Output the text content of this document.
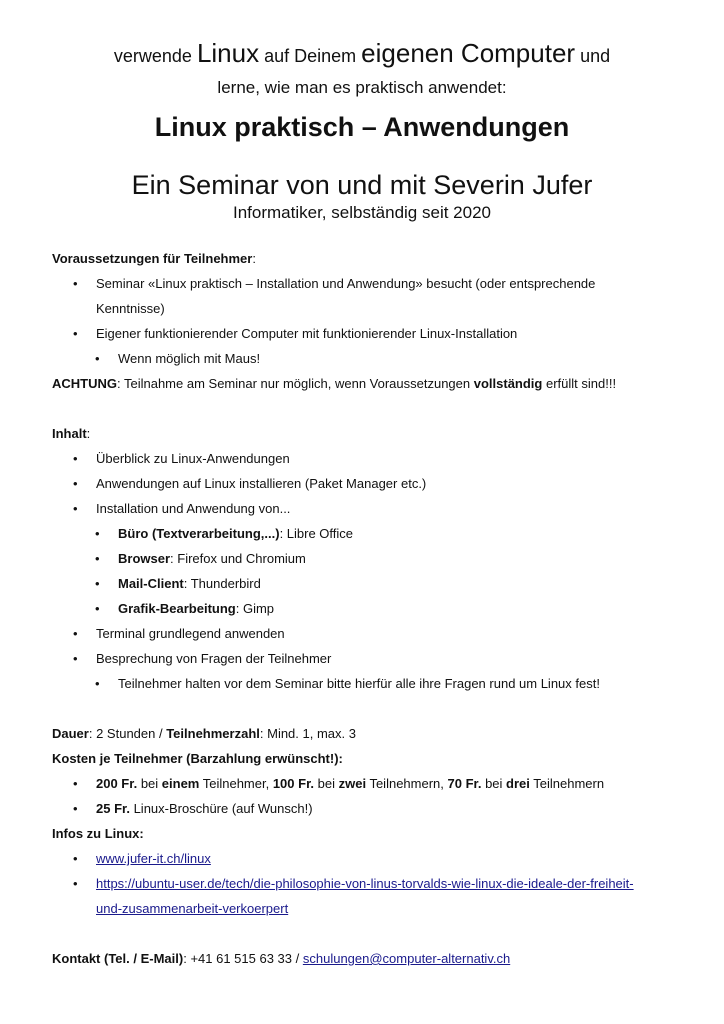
verwende Linux auf Deinem eigenen Computer und

lerne, wie man es praktisch anwendet:

Linux praktisch – Anwendungen

Ein Seminar von und mit Severin Jufer

Informatiker, selbständig seit 2020

Voraussetzungen für Teilnehmer:

• Seminar «Linux praktisch – Installation und Anwendung» besucht (oder entsprechende
Kenntnisse)
• Eigener funktionierender Computer mit funktionierender Linux-Installation
• Wenn möglich mit Maus!

ACHTUNG: Teilnahme am Seminar nur möglich, wenn Voraussetzungen vollständig erfüllt sind!!!

Inhalt:

• Überblick zu Linux-Anwendungen
• Anwendungen auf Linux installieren (Paket Manager etc.)
• Installation und Anwendung von...
• Büro (Textverarbeitung,...): Libre Office
• Browser: Firefox und Chromium
• Mail-Client: Thunderbird
• Grafik-Bearbeitung: Gimp
• Terminal grundlegend anwenden
• Besprechung von Fragen der Teilnehmer
• Teilnehmer halten vor dem Seminar bitte hierfür alle ihre Fragen rund um Linux fest!

Dauer: 2 Stunden / Teilnehmerzahl: Mind. 1, max. 3

Kosten je Teilnehmer (Barzahlung erwünscht!):

• 200 Fr. bei einem Teilnehmer, 100 Fr. bei zwei Teilnehmern, 70 Fr. bei drei Teilnehmern
• 25 Fr. Linux-Broschüre (auf Wunsch!)

Infos zu Linux:

• www.jufer-it.ch/linux
• https://ubuntu-user.de/tech/die-philosophie-von-linus-torvalds-wie-linux-die-ideale-der-freiheit-
und-zusammenarbeit-verkoerpert

Kontakt (Tel. / E-Mail): +41 61 515 63 33 / schulungen@computer-alternativ.ch
